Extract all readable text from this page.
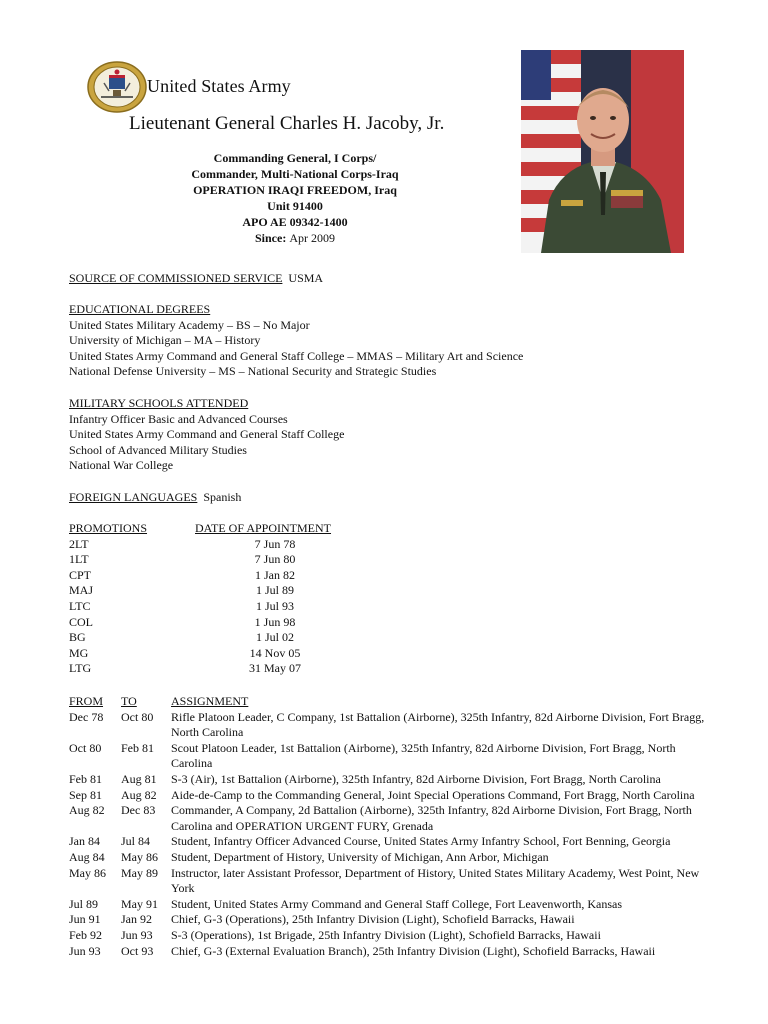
United States Army
Lieutenant General Charles H. Jacoby, Jr.
Commanding General, I Corps/
Commander, Multi-National Corps-Iraq
OPERATION IRAQI FREEDOM, Iraq
Unit 91400
APO AE 09342-1400
Since: Apr 2009
SOURCE OF COMMISSIONED SERVICE USMA
EDUCATIONAL DEGREES
United States Military Academy – BS – No Major
University of Michigan – MA – History
United States Army Command and General Staff College – MMAS – Military Art and Science
National Defense University – MS – National Security and Strategic Studies
MILITARY SCHOOLS ATTENDED
Infantry Officer Basic and Advanced Courses
United States Army Command and General Staff College
School of Advanced Military Studies
National War College
FOREIGN LANGUAGES Spanish
PROMOTIONS	DATE OF APPOINTMENT
2LT	7 Jun 78
1LT	7 Jun 80
CPT	1 Jan 82
MAJ	1 Jul 89
LTC	1 Jul 93
COL	1 Jun 98
BG	1 Jul 02
MG	14 Nov 05
LTG	31 May 07
FROM	TO	ASSIGNMENT
Dec 78	Oct 80	Rifle Platoon Leader, C Company, 1st Battalion (Airborne), 325th Infantry, 82d Airborne Division, Fort Bragg, North Carolina
Oct 80	Feb 81	Scout Platoon Leader, 1st Battalion (Airborne), 325th Infantry, 82d Airborne Division, Fort Bragg, North Carolina
Feb 81	Aug 81	S-3 (Air), 1st Battalion (Airborne), 325th Infantry, 82d Airborne Division, Fort Bragg, North Carolina
Sep 81	Aug 82	Aide-de-Camp to the Commanding General, Joint Special Operations Command, Fort Bragg, North Carolina
Aug 82	Dec 83	Commander, A Company, 2d Battalion (Airborne), 325th Infantry, 82d Airborne Division, Fort Bragg, North Carolina and OPERATION URGENT FURY, Grenada
Jan 84	Jul 84	Student, Infantry Officer Advanced Course, United States Army Infantry School, Fort Benning, Georgia
Aug 84	May 86	Student, Department of History, University of Michigan, Ann Arbor, Michigan
May 86	May 89	Instructor, later Assistant Professor, Department of History, United States Military Academy, West Point, New York
Jul 89	May 91	Student, United States Army Command and General Staff College, Fort Leavenworth, Kansas
Jun 91	Jan 92	Chief, G-3 (Operations), 25th Infantry Division (Light), Schofield Barracks, Hawaii
Feb 92	Jun 93	S-3 (Operations), 1st Brigade, 25th Infantry Division (Light), Schofield Barracks, Hawaii
Jun 93	Oct 93	Chief, G-3 (External Evaluation Branch), 25th Infantry Division (Light), Schofield Barracks, Hawaii
